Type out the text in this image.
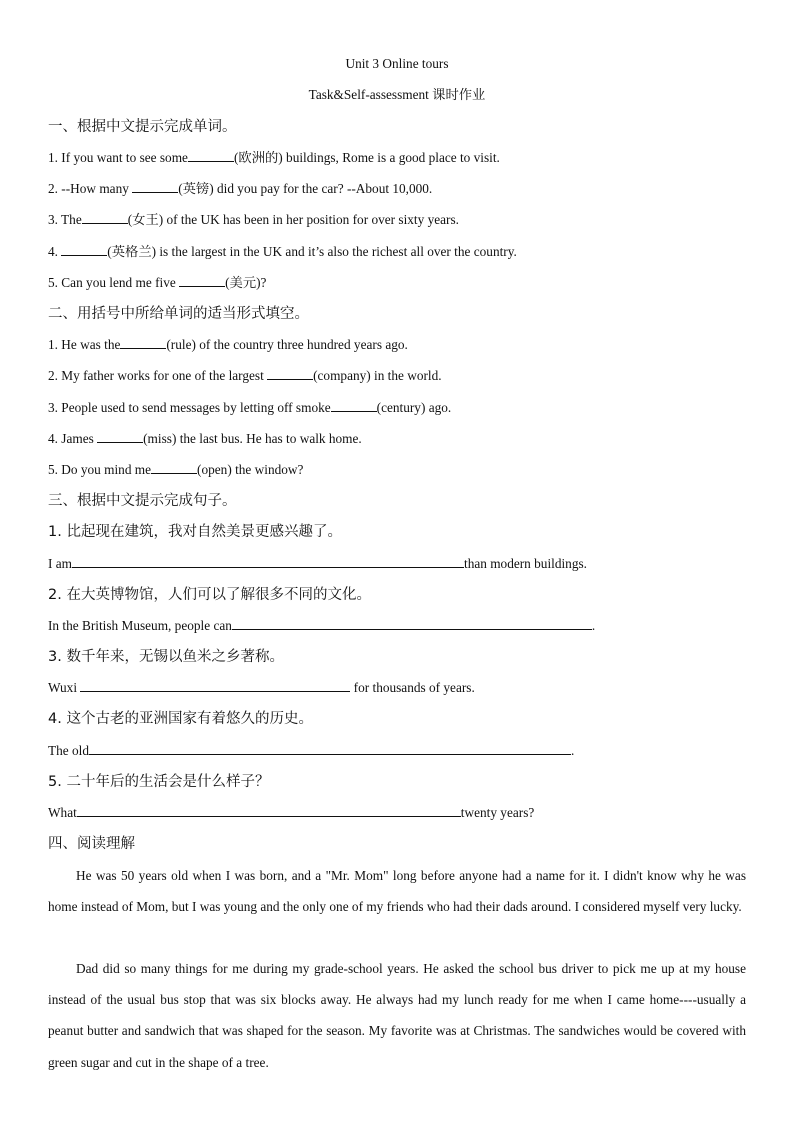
Unit 3 Online tours
Task&Self-assessment 课时作业
一、根据中文提示完成单词。
1. If you want to see some	(欧洲的) buildings, Rome is a good place to visit.
2. --How many	(英镑) did you pay for the car? --About 10,000.
3. The	(女王) of the UK has been in her position for over sixty years.
4.	(英格兰) is the largest in the UK and it’s also the richest all over the country.
5. Can you lend me five	(美元)?
二、用括号中所给单词的适当形式填空。
1. He was the	(rule) of the country three hundred years ago.
2. My father works for one of the largest	(company) in the world.
3. People used to send messages by letting off smoke	(century) ago.
4. James	(miss) the last bus. He has to walk home.
5. Do you mind me	(open) the window?
三、根据中文提示完成句子。
1. 比起现在建筑，我对自然美景更感兴趣了。
I am	than modern buildings.
2. 在大英博物馆，人们可以了解很多不同的文化。
In the British Museum, people can	.
3. 数千年来，无锡以鱼米之乡著称。
Wuxi	for thousands of years.
4. 这个古老的亚洲国家有着悠久的历史。
The old	.
5. 二十年后的生活会是什么样子？
What	twenty years?
四、阅读理解
He was 50 years old when I was born, and a "Mr. Mom" long before anyone had a name for it. I didn't know why he was home instead of Mom, but I was young and the only one of my friends who had their dads around. I considered myself very lucky.
Dad did so many things for me during my grade-school years. He asked the school bus driver to pick me up at my house instead of the usual bus stop that was six blocks away. He always had my lunch ready for me when I came home----usually a peanut butter and sandwich that was shaped for the season. My favorite was at Christmas. The sandwiches would be covered with green sugar and cut in the shape of a tree.
